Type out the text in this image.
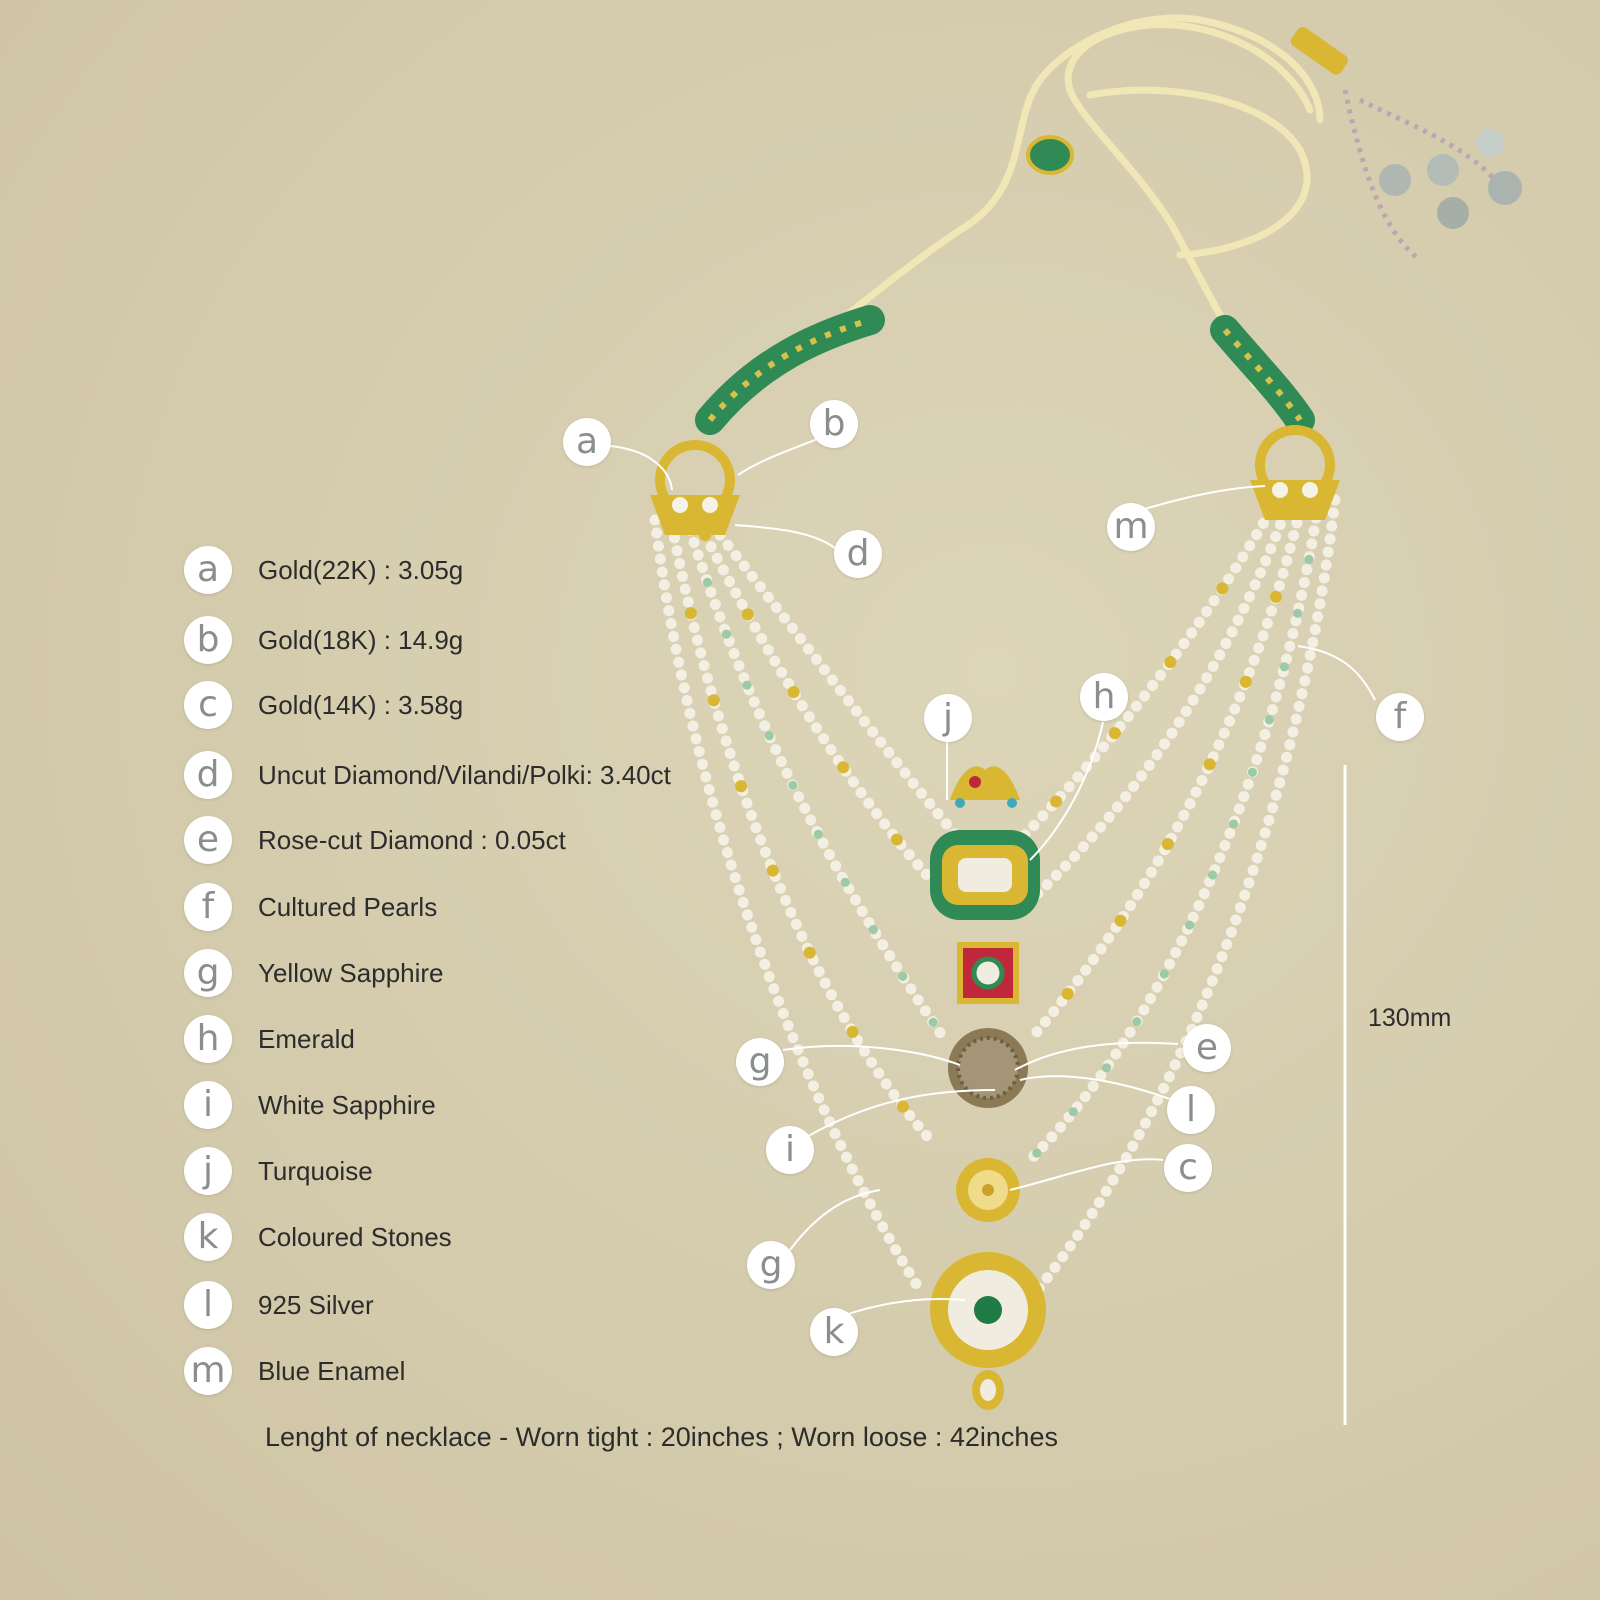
a	Gold(22K) : 3.05g
b	Gold(18K) : 14.9g
c	Gold(14K) : 3.58g
d	Uncut Diamond/Vilandi/Polki: 3.40ct
e	Rose-cut Diamond : 0.05ct
f	Cultured Pearls
g	Yellow Sapphire
h	Emerald
i	White Sapphire
j	Turquoise
k	Coloured Stones
l	925 Silver
m Blue Enamel
a	b
d
m
f
j
h
g	e
l
i	c
g
k
130mm
Lenght of necklace - Worn tight : 20inches ; Worn loose : 42inches
